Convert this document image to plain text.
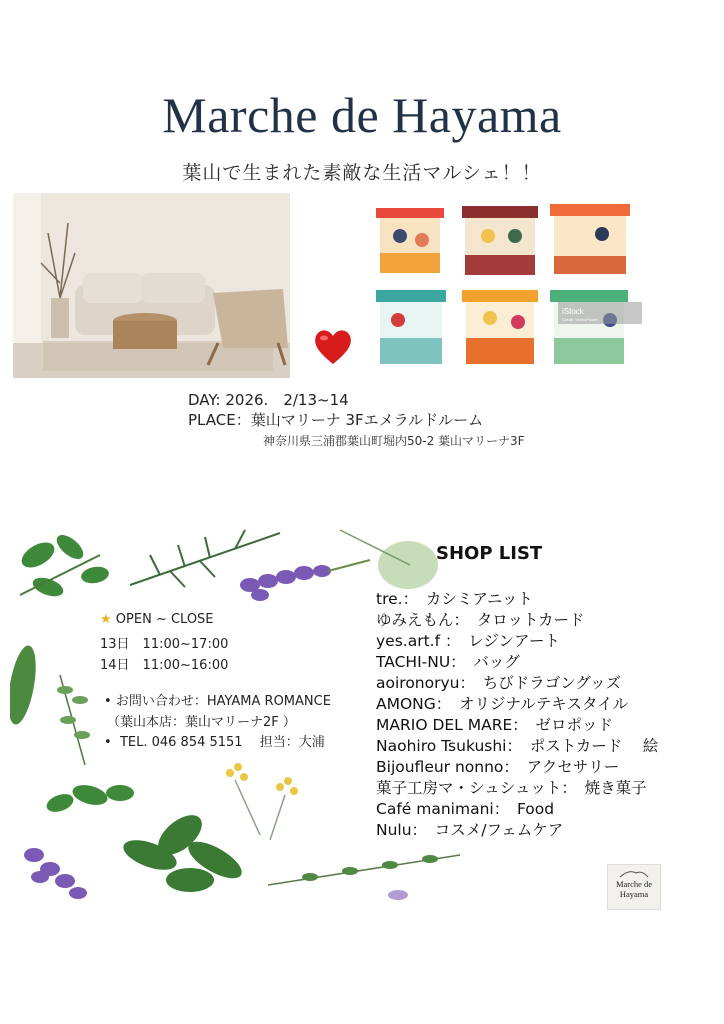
Marche de Hayama
葉山で生まれた素敵な生活マルシェ！！
iStock
Credit: VectorPower
DAY: 2026.　2/13~14
PLACE：葉山マリーナ 3Fエメラルドルーム
神奈川県三浦郡葉山町堀内50-2 葉山マリーナ3F
★ OPEN ~ CLOSE
13日　11:00~17:00
14日　11:00~16:00
• お問い合わせ：HAYAMA ROMANCE
（葉山本店：葉山マリーナ2F ）
•  TEL. 046 854 5151　 担当：大浦
SHOP LIST
tre.：　カシミアニット
ゆみえもん：　タロットカード
yes.art.f ：　レジンアート
TACHI-NU：　バッグ
aoironoryu：　ちびドラゴングッズ
AMONG：　オリジナルテキスタイル
MARIO DEL MARE：　ゼロポッド
Naohiro Tsukushi：　ポストカード　 絵
Bijoufleur nonno：　アクセサリー
菓子工房マ・シュシュット：　焼き菓子
Café manimani：　Food
Nulu：　コスメ/フェムケア
Marche de
Hayama
